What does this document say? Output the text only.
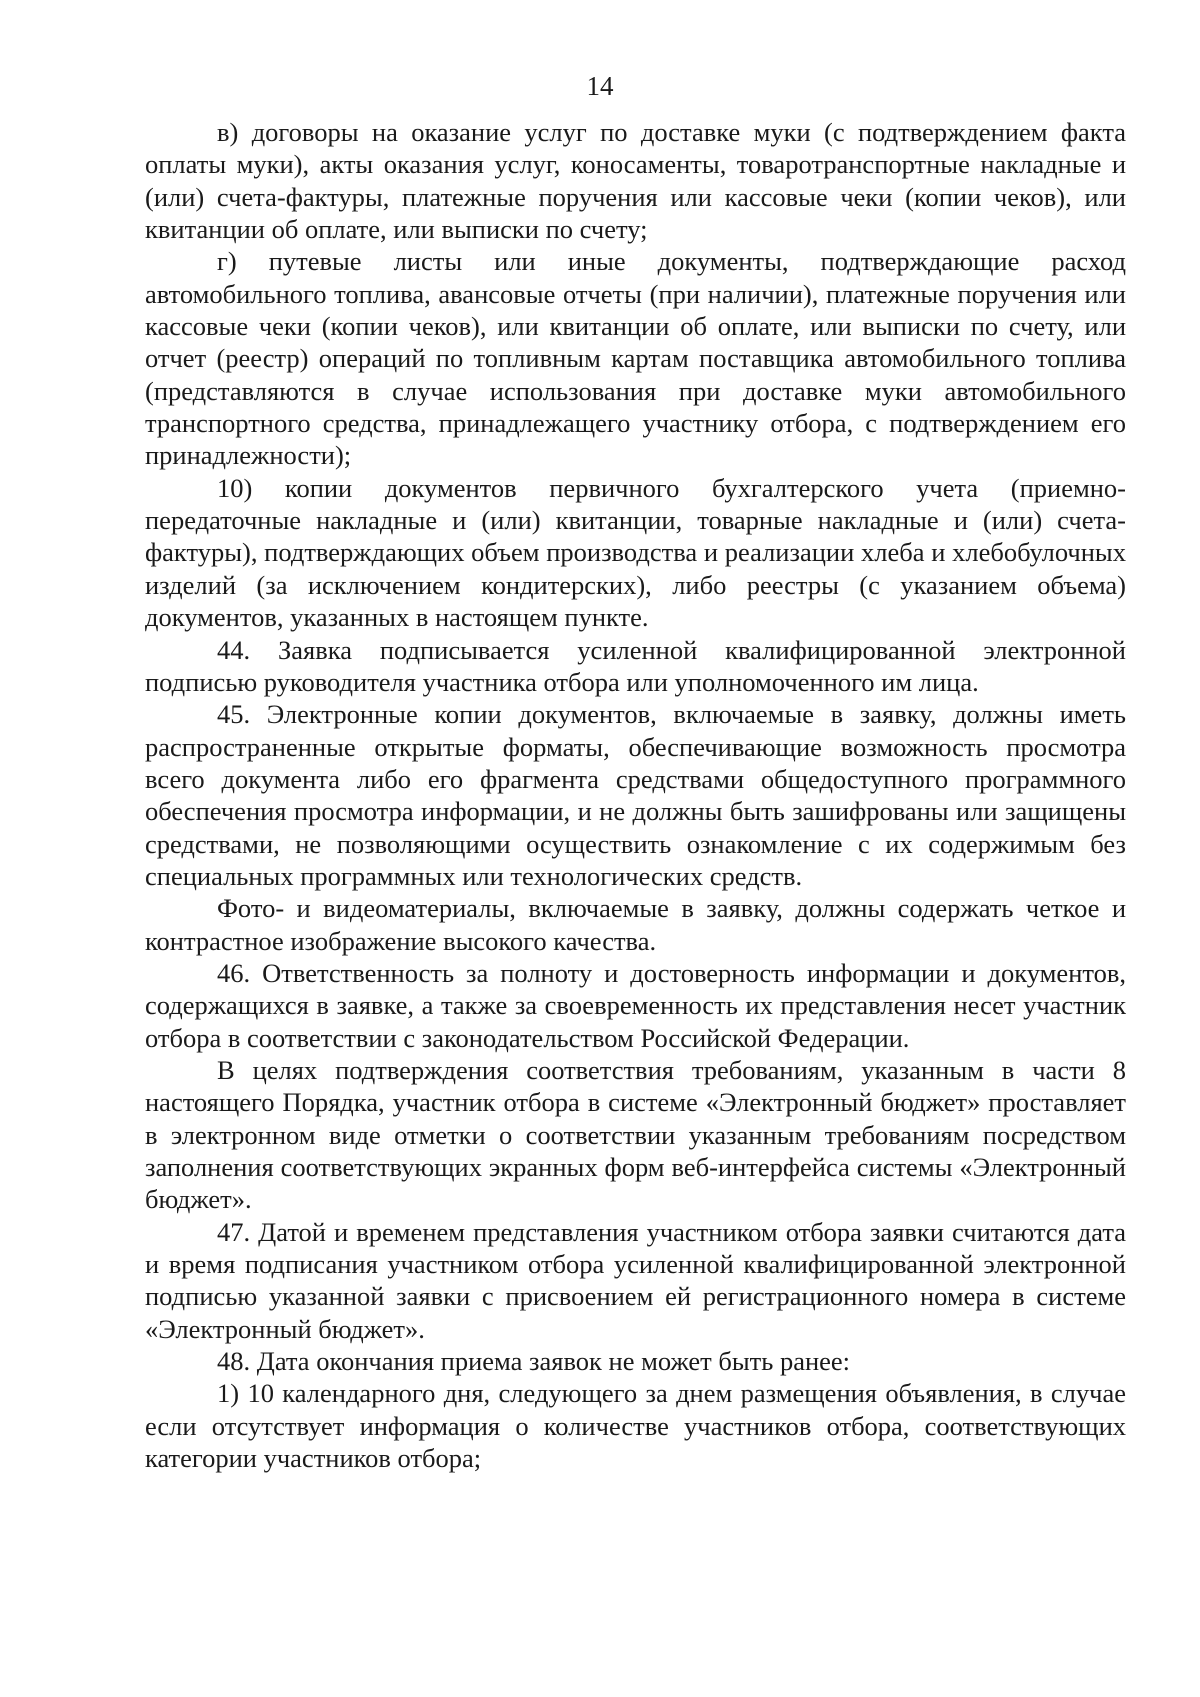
14

в) договоры на оказание услуг по доставке муки (с подтверждением факта оплаты муки), акты оказания услуг, коносаменты, товаротранспортные накладные и (или) счета-фактуры, платежные поручения или кассовые чеки (копии чеков), или квитанции об оплате, или выписки по счету;

г) путевые листы или иные документы, подтверждающие расход автомобильного топлива, авансовые отчеты (при наличии), платежные поручения или кассовые чеки (копии чеков), или квитанции об оплате, или выписки по счету, или отчет (реестр) операций по топливным картам поставщика автомобильного топлива (представляются в случае использования при доставке муки автомобильного транспортного средства, принадлежащего участнику отбора, с подтверждением его принадлежности);

10) копии документов первичного бухгалтерского учета (приемно-передаточные накладные и (или) квитанции, товарные накладные и (или) счета-фактуры), подтверждающих объем производства и реализации хлеба и хлебобулочных изделий (за исключением кондитерских), либо реестры (с указанием объема) документов, указанных в настоящем пункте.

44. Заявка подписывается усиленной квалифицированной электронной подписью руководителя участника отбора или уполномоченного им лица.

45. Электронные копии документов, включаемые в заявку, должны иметь распространенные открытые форматы, обеспечивающие возможность просмотра всего документа либо его фрагмента средствами общедоступного программного обеспечения просмотра информации, и не должны быть зашифрованы или защищены средствами, не позволяющими осуществить ознакомление с их содержимым без специальных программных или технологических средств.

Фото- и видеоматериалы, включаемые в заявку, должны содержать четкое и контрастное изображение высокого качества.

46. Ответственность за полноту и достоверность информации и документов, содержащихся в заявке, а также за своевременность их представления несет участник отбора в соответствии с законодательством Российской Федерации.

В целях подтверждения соответствия требованиям, указанным в части 8 настоящего Порядка, участник отбора в системе «Электронный бюджет» проставляет в электронном виде отметки о соответствии указанным требованиям посредством заполнения соответствующих экранных форм веб-интерфейса системы «Электронный бюджет».

47. Датой и временем представления участником отбора заявки считаются дата и время подписания участником отбора усиленной квалифицированной электронной подписью указанной заявки с присвоением ей регистрационного номера в системе «Электронный бюджет».

48. Дата окончания приема заявок не может быть ранее:

1) 10 календарного дня, следующего за днем размещения объявления, в случае если отсутствует информация о количестве участников отбора, соответствующих категории участников отбора;
